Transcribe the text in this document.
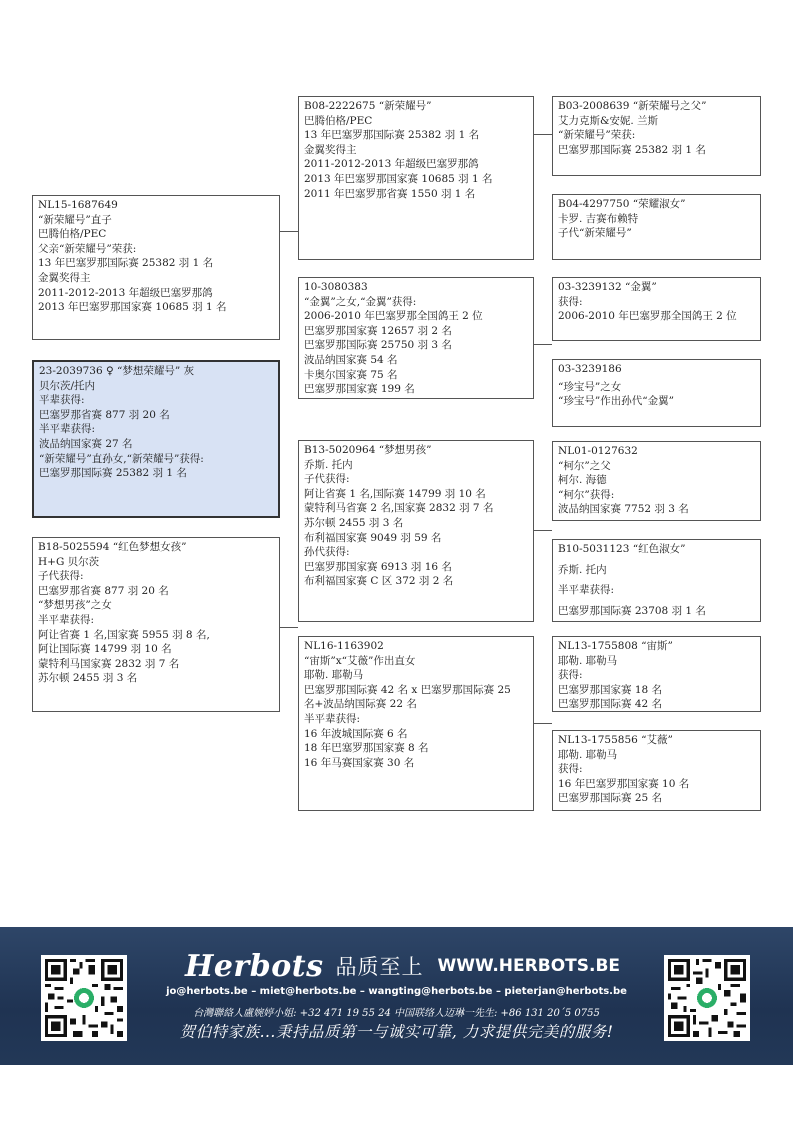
23-2039736 ♀ “梦想荣耀号” 灰
贝尔茨/托内
平辈获得:
巴塞罗那省赛 877 羽 20 名
半平辈获得:
波品纳国家赛 27 名
“新荣耀号”直孙女,“新荣耀号”获得:
巴塞罗那国际赛 25382 羽 1 名
NL15-1687649
“新荣耀号”直子
巴腾伯格/PEC
父亲“新荣耀号”荣获:
13 年巴塞罗那国际赛 25382 羽 1 名
金翼奖得主
2011-2012-2013 年超级巴塞罗那鸽
2013 年巴塞罗那国家赛 10685 羽 1 名
B18-5025594 “红色梦想女孩”
H+G 贝尔茨
子代获得:
巴塞罗那省赛 877 羽 20 名
“梦想男孩”之女
半平辈获得:
阿让省赛 1 名,国家赛 5955 羽 8 名,
阿让国际赛 14799 羽 10 名
蒙特利马国家赛 2832 羽 7 名
苏尔顿 2455 羽 3 名
B08-2222675 “新荣耀号”
巴腾伯格/PEC
13 年巴塞罗那国际赛 25382 羽 1 名
金翼奖得主
2011-2012-2013 年超级巴塞罗那鸽
2013 年巴塞罗那国家赛 10685 羽 1 名
2011 年巴塞罗那省赛 1550 羽 1 名
10-3080383
“金翼”之女,“金翼”获得:
2006-2010 年巴塞罗那全国鸽王 2 位
巴塞罗那国家赛 12657 羽 2 名
巴塞罗那国际赛 25750 羽 3 名
波品纳国家赛 54 名
卡奥尔国家赛 75 名
巴塞罗那国家赛 199 名
B13-5020964 “梦想男孩”
乔斯. 托内
子代获得:
阿让省赛 1 名,国际赛 14799 羽 10 名
蒙特利马省赛 2 名,国家赛 2832 羽 7 名
苏尔顿 2455 羽 3 名
布利福国家赛 9049 羽 59 名
孙代获得:
巴塞罗那国家赛 6913 羽 16 名
布利福国家赛 C 区 372 羽 2 名
NL16-1163902
“宙斯”x“艾薇”作出直女
耶勒. 耶勒马
巴塞罗那国际赛 42 名 x 巴塞罗那国际赛 25
名+波品纳国际赛 22 名
半平辈获得:
16 年波城国际赛 6 名
18 年巴塞罗那国家赛 8 名
16 年马赛国家赛 30 名
B03-2008639 “新荣耀号之父”
艾力克斯&安妮. 兰斯
“新荣耀号”荣获:
巴塞罗那国际赛 25382 羽 1 名
B04-4297750 “荣耀淑女”
卡罗. 吉赛布赖特
子代“新荣耀号”
03-3239132 “金翼”
获得:
2006-2010 年巴塞罗那全国鸽王 2 位
03-3239186
“珍宝号”之女
“珍宝号”作出孙代“金翼”
NL01-0127632
“柯尔”之父
柯尔. 海德
“柯尔”获得:
波品纳国家赛 7752 羽 3 名
B10-5031123 “红色淑女”
乔斯. 托内
半平辈获得:
巴塞罗那国际赛 23708 羽 1 名
NL13-1755808 “宙斯”
耶勒. 耶勒马
获得:
巴塞罗那国家赛 18 名
巴塞罗那国际赛 42 名
NL13-1755856 “艾薇”
耶勒. 耶勒马
获得:
16 年巴塞罗那国家赛 10 名
巴塞罗那国际赛 25 名
Herbots 品质至上 WWW.HERBOTS.BE
jo@herbots.be – miet@herbots.be – wangting@herbots.be – pieterjan@herbots.be
台灣聯絡人盧婉婷小姐: +32 471 19 55 24 中国联络人迈琳一先生: +86 131 20´5 0755
贺伯特家族...秉持品质第一与诚实可靠, 力求提供完美的服务!
